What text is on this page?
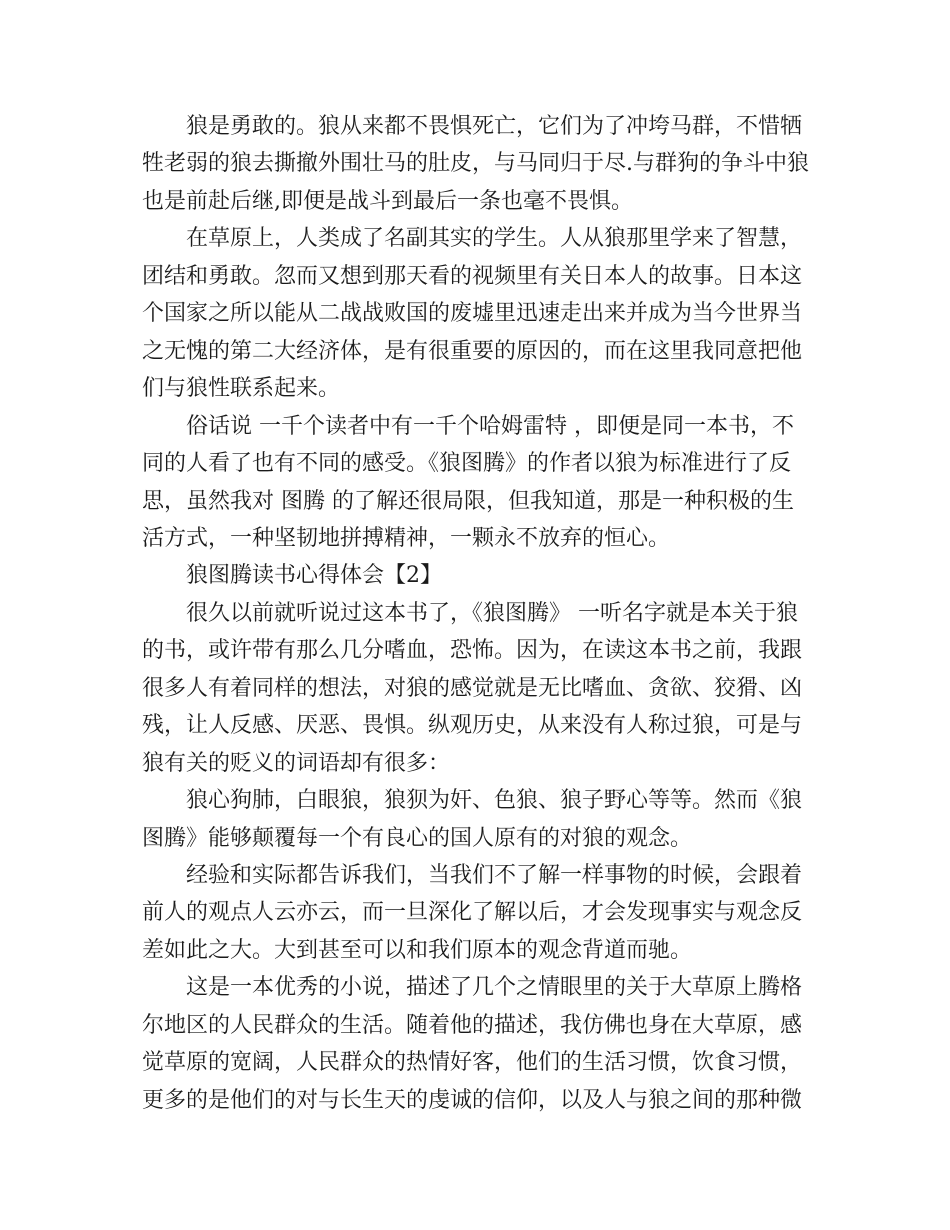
狼是勇敢的。狼从来都不畏惧死亡，它们为了冲垮马群，不惜牺
牲老弱的狼去撕撤外围壮马的肚皮，与马同归于尽.与群狗的争斗中狼
也是前赴后继,即便是战斗到最后一条也毫不畏惧。
在草原上，人类成了名副其实的学生。人从狼那里学来了智慧，
团结和勇敢。忽而又想到那天看的视频里有关日本人的故事。日本这
个国家之所以能从二战战败国的废墟里迅速走出来并成为当今世界当
之无愧的第二大经济体，是有很重要的原因的，而在这里我同意把他
们与狼性联系起来。
俗话说 一千个读者中有一千个哈姆雷特 ，即便是同一本书，不
同的人看了也有不同的感受。《狼图腾》的作者以狼为标准进行了反
思，虽然我对 图腾 的了解还很局限，但我知道，那是一种积极的生
活方式，一种坚韧地拼搏精神，一颗永不放弃的恒心。
狼图腾读书心得体会【2】
很久以前就听说过这本书了，《狼图腾》 一听名字就是本关于狼
的书，或许带有那么几分嗜血，恐怖。因为，在读这本书之前，我跟
很多人有着同样的想法，对狼的感觉就是无比嗜血、贪欲、狡猾、凶
残，让人反感、厌恶、畏惧。纵观历史，从来没有人称过狼，可是与
狼有关的贬义的词语却有很多：
狼心狗肺，白眼狼，狼狈为奸、色狼、狼子野心等等。然而《狼
图腾》能够颠覆每一个有良心的国人原有的对狼的观念。
经验和实际都告诉我们，当我们不了解一样事物的时候，会跟着
前人的观点人云亦云，而一旦深化了解以后，才会发现事实与观念反
差如此之大。大到甚至可以和我们原本的观念背道而驰。
这是一本优秀的小说，描述了几个之情眼里的关于大草原上腾格
尔地区的人民群众的生活。随着他的描述，我仿佛也身在大草原，感
觉草原的宽阔，人民群众的热情好客，他们的生活习惯，饮食习惯，
更多的是他们的对与长生天的虔诚的信仰，以及人与狼之间的那种微
